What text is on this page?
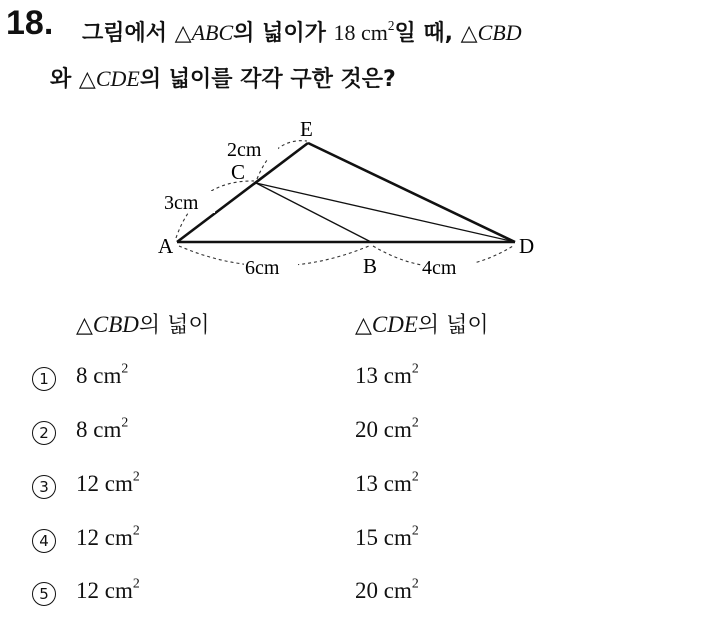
18. 그림에서 △ABC의 넓이가 18 $cm^2$일 때, △CBD
와 △CDE의 넓이를 각각 구한 것은?
A
B
C
D
E
2cm
3cm
6cm	4cm
△CBD의 넓이	△CDE의 넓이
1	8 $cm^2$	13 $cm^2$
2	8 $cm^2$	20 $cm^2$
3	12 $cm^2$	13 $cm^2$
4	12 $cm^2$	15 $cm^2$
5	12 $cm^2$	20 $cm^2$
